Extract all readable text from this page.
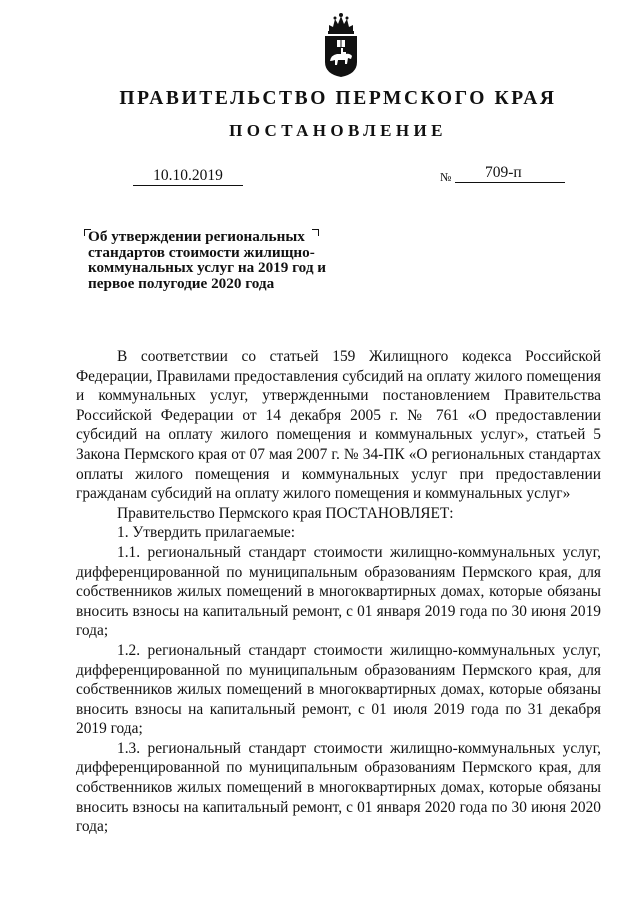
ПРАВИТЕЛЬСТВО ПЕРМСКОГО КРАЯ
ПОСТАНОВЛЕНИЕ
10.10.2019	№	709-п
Об утверждении региональных стандартов стоимости жилищно-коммунальных услуг на 2019 год и первое полугодие 2020 года

В соответствии со статьей 159 Жилищного кодекса Российской Федерации, Правилами предоставления субсидий на оплату жилого помещения и коммунальных услуг, утвержденными постановлением Правительства Российской Федерации от 14 декабря 2005 г. № 761 «О предоставлении субсидий на оплату жилого помещения и коммунальных услуг», статьей 5 Закона Пермского края от 07 мая 2007 г. № 34-ПК «О региональных стандартах оплаты жилого помещения и коммунальных услуг при предоставлении гражданам субсидий на оплату жилого помещения и коммунальных услуг»

Правительство Пермского края ПОСТАНОВЛЯЕТ:

1. Утвердить прилагаемые:

1.1. региональный стандарт стоимости жилищно-коммунальных услуг, дифференцированной по муниципальным образованиям Пермского края, для собственников жилых помещений в многоквартирных домах, которые обязаны вносить взносы на капитальный ремонт, с 01 января 2019 года по 30 июня 2019 года;

1.2. региональный стандарт стоимости жилищно-коммунальных услуг, дифференцированной по муниципальным образованиям Пермского края, для собственников жилых помещений в многоквартирных домах, которые обязаны вносить взносы на капитальный ремонт, с 01 июля 2019 года по 31 декабря 2019 года;

1.3. региональный стандарт стоимости жилищно-коммунальных услуг, дифференцированной по муниципальным образованиям Пермского края, для собственников жилых помещений в многоквартирных домах, которые обязаны вносить взносы на капитальный ремонт, с 01 января 2020 года по 30 июня 2020 года;
